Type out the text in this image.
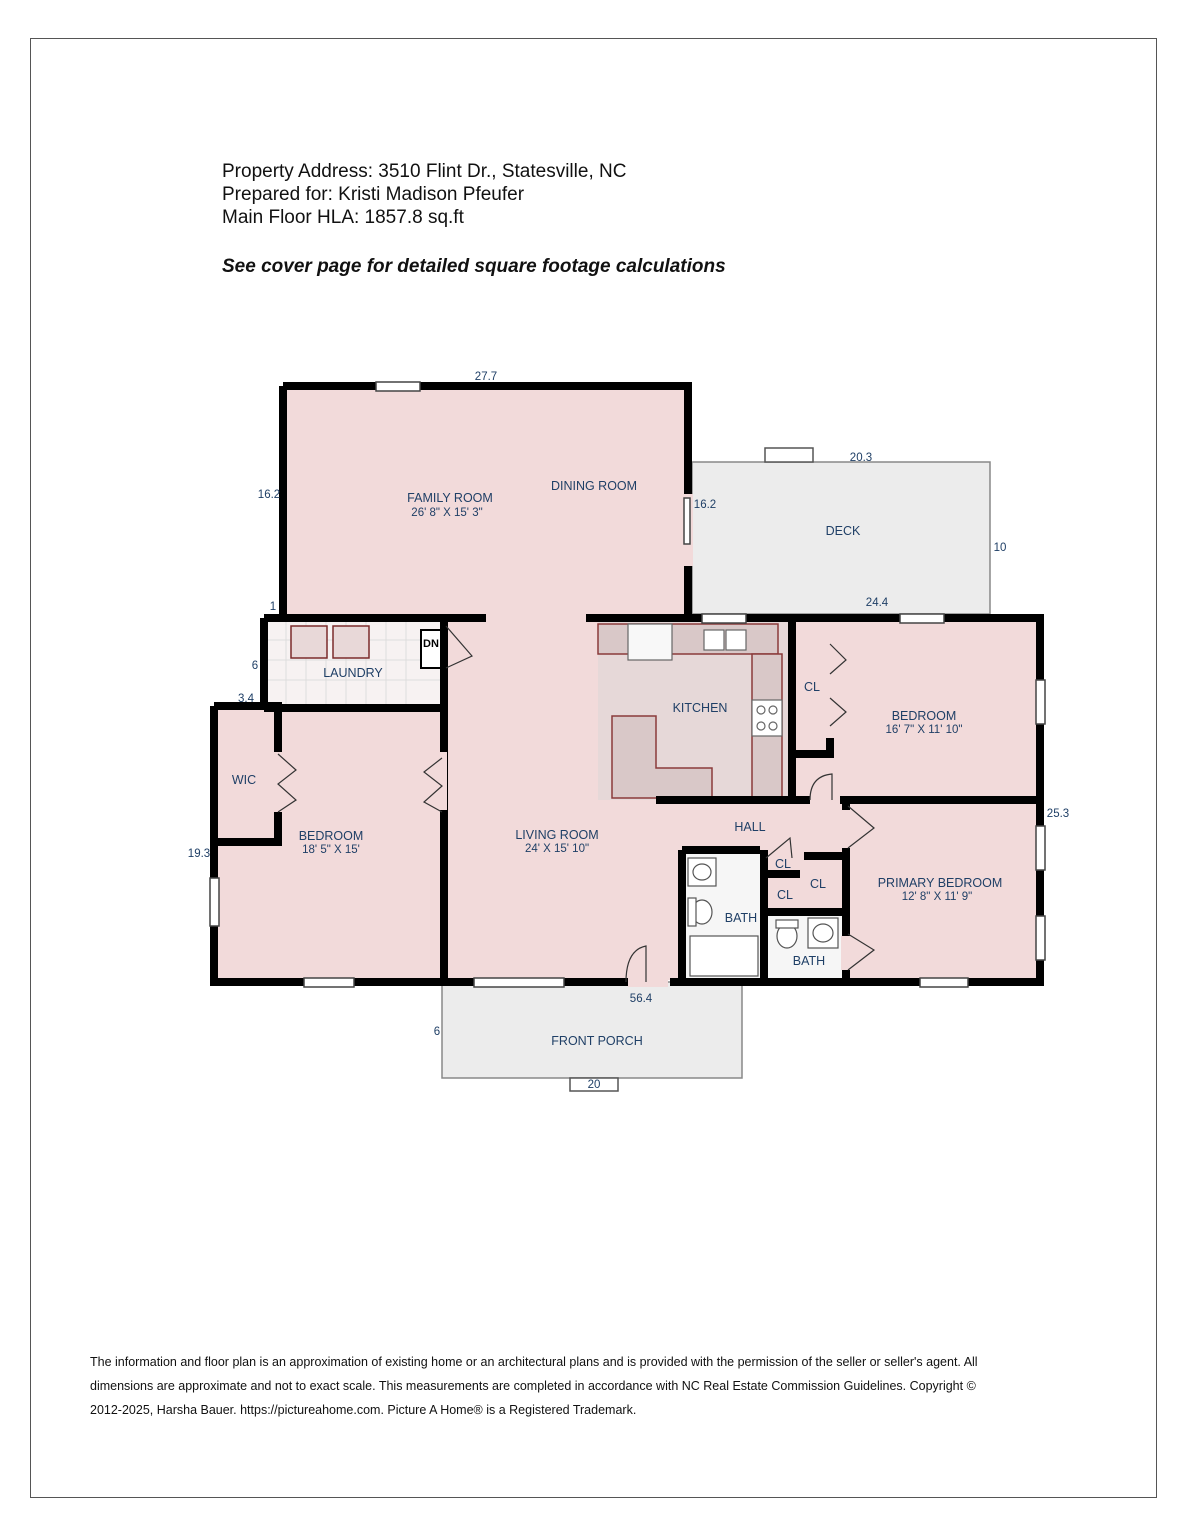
Property Address: 3510 Flint Dr., Statesville, NC
Prepared for: Kristi Madison Pfeufer
Main Floor HLA: 1857.8 sq.ft
See cover page for detailed square footage calculations
FAMILY ROOM
26' 8" X 15' 3"
DINING ROOM
DECK
LAUNDRY
DN
KITCHEN
BEDROOM
16' 7" X 11' 10"
CL
WIC
BEDROOM
18' 5" X 15'
LIVING ROOM
24' X 15' 10"
HALL
PRIMARY BEDROOM
12' 8" X 11' 9"
BATH
BATH
CL
CL
CL
FRONT PORCH
27.7
16.2
16.2
20.3
10
24.4
1
6
3.4
25.3
19.3
56.4
6
20
The information and floor plan is an approximation of existing home or an architectural plans and is provided with the permission of the seller or seller's agent. All
dimensions are approximate and not to exact scale. This measurements are completed in accordance with NC Real Estate Commission Guidelines. Copyright ©
2012-2025, Harsha Bauer. https://pictureahome.com. Picture A Home® is a Registered Trademark.
